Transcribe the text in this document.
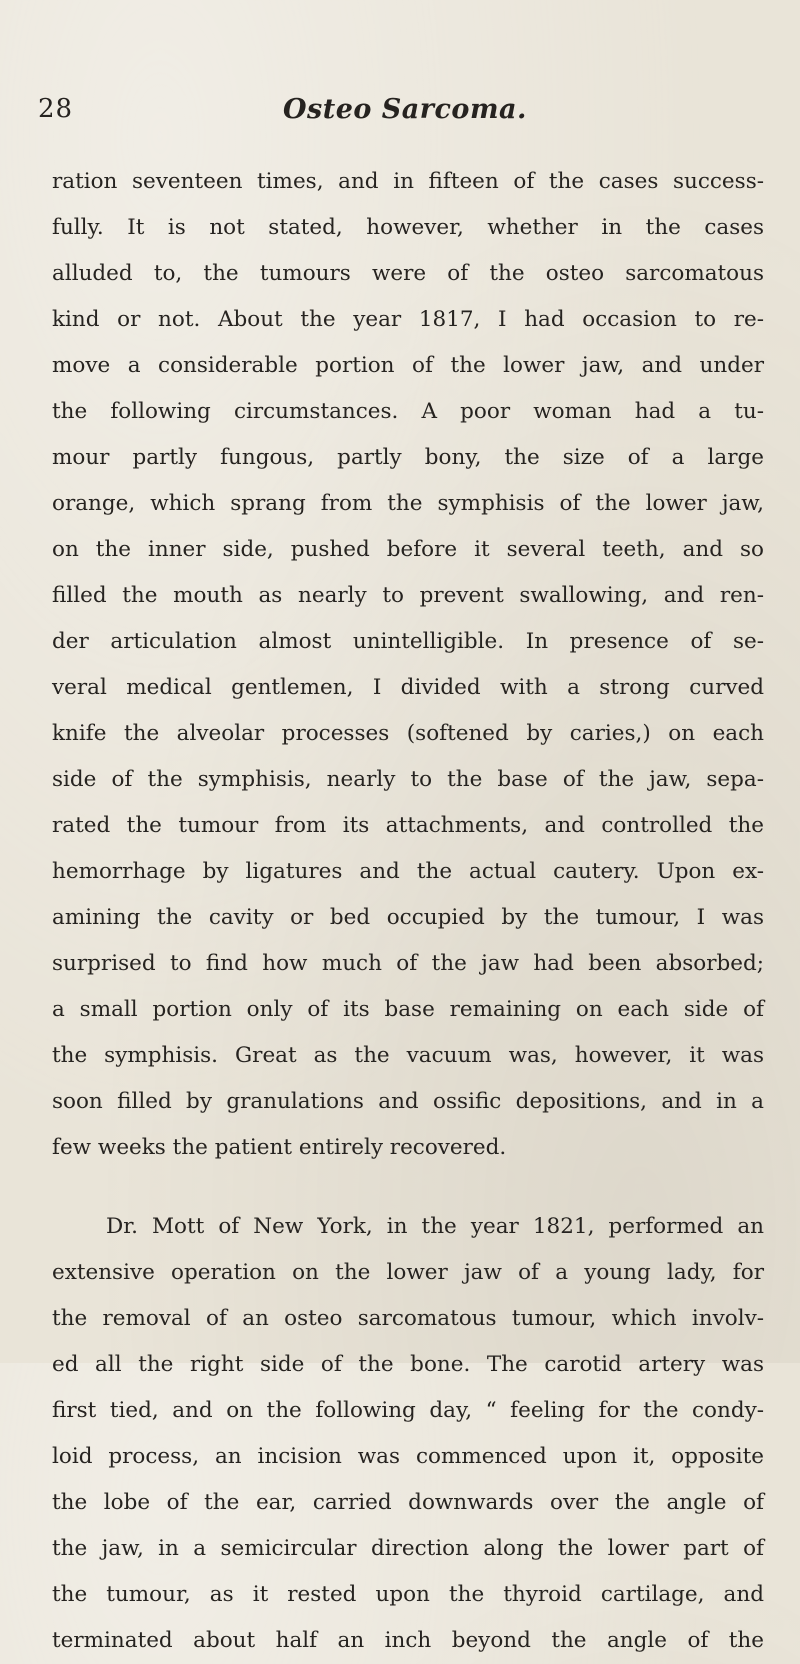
28	Osteo Sarcoma.
ration seventeen times, and in fifteen of the cases success-
fully. It is not stated, however, whether in the cases
alluded to, the tumours were of the osteo sarcomatous
kind or not. About the year 1817, I had occasion to re-
move a considerable portion of the lower jaw, and under
the following circumstances. A poor woman had a tu-
mour partly fungous, partly bony, the size of a large
orange, which sprang from the symphisis of the lower jaw,
on the inner side, pushed before it several teeth, and so
filled the mouth as nearly to prevent swallowing, and ren-
der articulation almost unintelligible. In presence of se-
veral medical gentlemen, I divided with a strong curved
knife the alveolar processes (softened by caries,) on each
side of the symphisis, nearly to the base of the jaw, sepa-
rated the tumour from its attachments, and controlled the
hemorrhage by ligatures and the actual cautery. Upon ex-
amining the cavity or bed occupied by the tumour, I was
surprised to find how much of the jaw had been absorbed;
a small portion only of its base remaining on each side of
the symphisis. Great as the vacuum was, however, it was
soon filled by granulations and ossific depositions, and in a
few weeks the patient entirely recovered.
Dr. Mott of New York, in the year 1821, performed an
extensive operation on the lower jaw of a young lady, for
the removal of an osteo sarcomatous tumour, which involv-
ed all the right side of the bone. The carotid artery was
first tied, and on the following day, “ feeling for the condy-
loid process, an incision was commenced upon it, opposite
the lobe of the ear, carried downwards over the angle of
the jaw, in a semicircular direction along the lower part of
the tumour, as it rested upon the thyroid cartilage, and
terminated about half an inch beyond the angle of the
